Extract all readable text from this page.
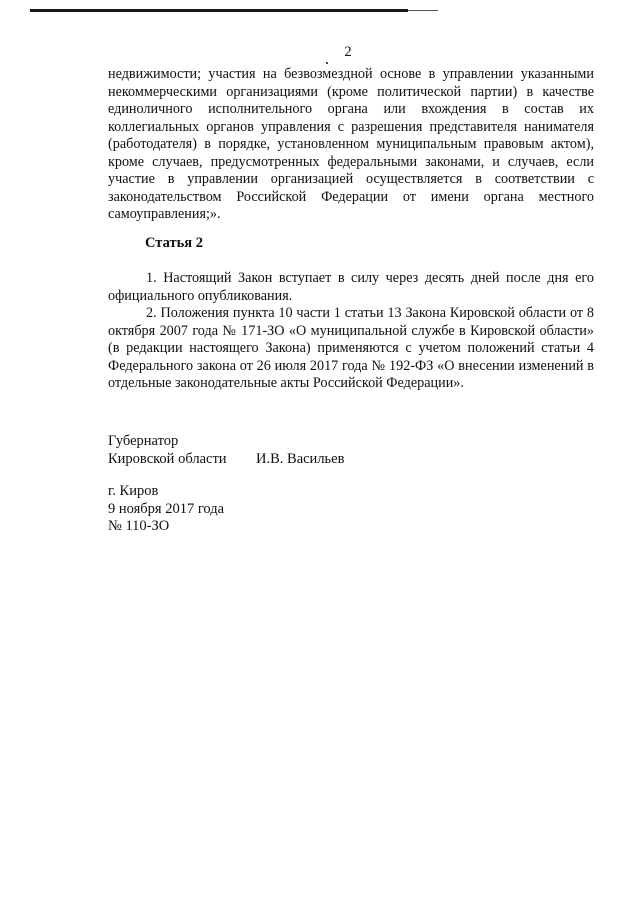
2

недвижимости; участия на безвозмездной основе в управлении указанными некоммерческими организациями (кроме политической партии) в качестве единоличного исполнительного органа или вхождения в состав их коллегиальных органов управления с разрешения представителя нанимателя (работодателя) в порядке, установленном муниципальным правовым актом), кроме случаев, предусмотренных федеральными законами, и случаев, если участие в управлении организацией осуществляется в соответствии с законодательством Российской Федерации от имени органа местного самоуправления;».

Статья 2

1. Настоящий Закон вступает в силу через десять дней после дня его официального опубликования.

2. Положения пункта 10 части 1 статьи 13 Закона Кировской области от 8 октября 2007 года № 171-ЗО «О муниципальной службе в Кировской области» (в редакции настоящего Закона) применяются с учетом положений статьи 4 Федерального закона от 26 июля 2017 года № 192-ФЗ «О внесении изменений в отдельные законодательные акты Российской Федерации».

Губернатор
Кировской области И.В. Васильев
г. Киров
9 ноября 2017 года
№ 110-ЗО
